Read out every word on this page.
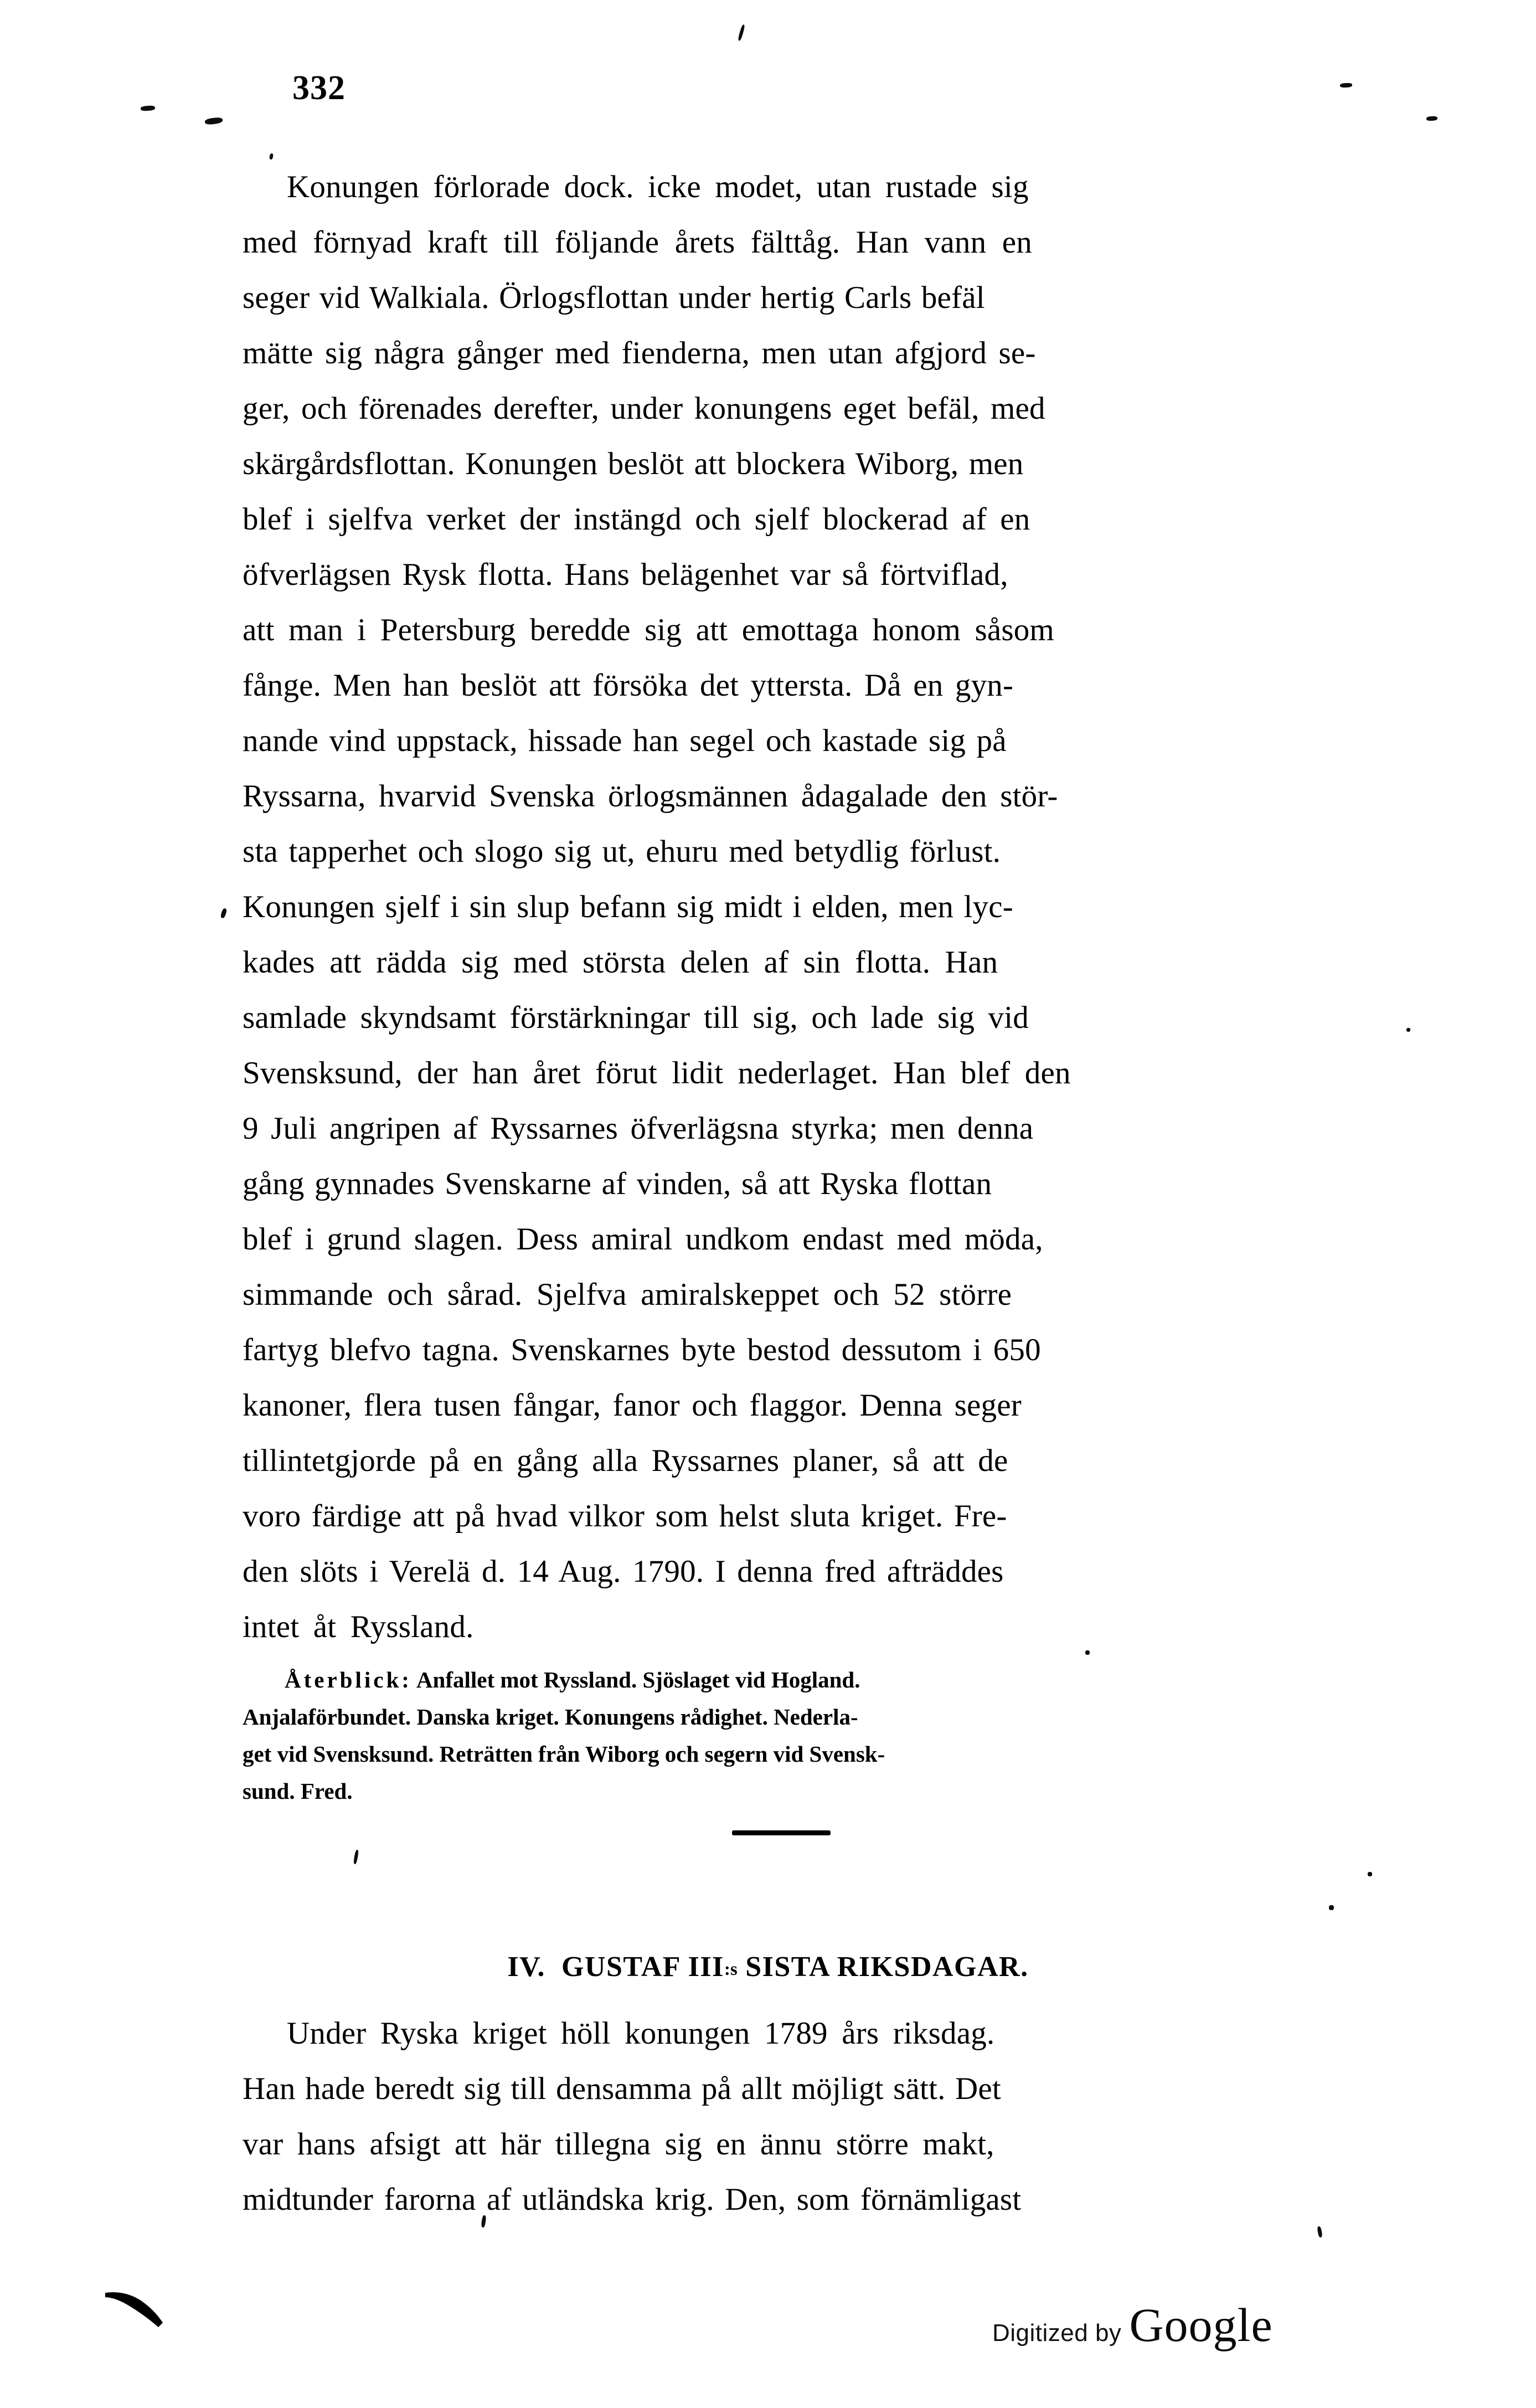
332
Konungen förlorade dock. icke modet, utan rustade sig
med förnyad kraft till följande årets fälttåg. Han vann en
seger vid Walkiala. Örlogsflottan under hertig Carls befäl
mätte sig några gånger med fienderna, men utan afgjord se-
ger, och förenades derefter, under konungens eget befäl, med
skärgårdsflottan. Konungen beslöt att blockera Wiborg, men
blef i sjelfva verket der instängd och sjelf blockerad af en
öfverlägsen Rysk flotta. Hans belägenhet var så förtviflad,
att man i Petersburg beredde sig att emottaga honom såsom
fånge. Men han beslöt att försöka det yttersta. Då en gyn-
nande vind uppstack, hissade han segel och kastade sig på
Ryssarna, hvarvid Svenska örlogsmännen ådagalade den stör-
sta tapperhet och slogo sig ut, ehuru med betydlig förlust.
Konungen sjelf i sin slup befann sig midt i elden, men lyc-
kades att rädda sig med största delen af sin flotta. Han
samlade skyndsamt förstärkningar till sig, och lade sig vid
Svensksund, der han året förut lidit nederlaget. Han blef den
9 Juli angripen af Ryssarnes öfverlägsna styrka; men denna
gång gynnades Svenskarne af vinden, så att Ryska flottan
blef i grund slagen. Dess amiral undkom endast med möda,
simmande och sårad. Sjelfva amiralskeppet och 52 större
fartyg blefvo tagna. Svenskarnes byte bestod dessutom i 650
kanoner, flera tusen fångar, fanor och flaggor. Denna seger
tillintetgjorde på en gång alla Ryssarnes planer, så att de
voro färdige att på hvad vilkor som helst sluta kriget. Fre-
den slöts i Verelä d. 14 Aug. 1790. I denna fred afträddes
intet åt Ryssland.
Återblick: Anfallet mot Ryssland. Sjöslaget vid Hogland.
Anjalaförbundet. Danska kriget. Konungens rådighet. Nederla-
get vid Svensksund. Reträtten från Wiborg och segern vid Svensk-
sund. Fred.
IV. GUSTAF III:s SISTA RIKSDAGAR.
Under Ryska kriget höll konungen 1789 års riksdag.
Han hade beredt sig till densamma på allt möjligt sätt. Det
var hans afsigt att här tillegna sig en ännu större makt,
midtunder farorna af utländska krig. Den, som förnämligast
Digitized by Google
